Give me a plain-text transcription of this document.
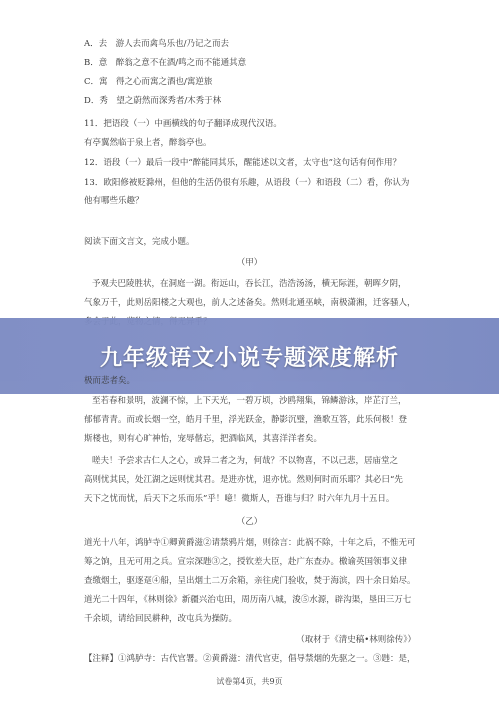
A．去　游人去而禽鸟乐也/乃记之而去
B．意　醉翁之意不在酒/鸣之而不能通其意
C．寓　得之心而寓之酒也/寓逆旅
D．秀　望之蔚然而深秀者/木秀于林
11．把语段（一）中画横线的句子翻译成现代汉语。
有亭翼然临于泉上者，醉翁亭也。
12．语段（一）最后一段中“醉能同其乐，醒能述以文者，太守也”这句话有何作用？
13．欧阳修被贬滁州，但他的生活仍很有乐趣，从语段（一）和语段（二）看，你认为
他有哪些乐趣？
阅读下面文言文，完成小题。
（甲）
予观夫巴陵胜状，在洞庭一湖。衔远山，吞长江，浩浩汤汤，横无际涯，朝晖夕阴，
气象万千，此则岳阳楼之大观也，前人之述备矣。然则北通巫峡，南极潇湘，迁客骚人，
九年级语文小说专题深度解析
极而悲者矣。
至若春和景明，波澜不惊，上下天光，一碧万顷，沙鸥翔集，锦鳞游泳，岸芷汀兰，
郁郁青青。而或长烟一空，皓月千里，浮光跃金，静影沉璧，渔歌互答，此乐何极！登
斯楼也，则有心旷神怡，宠辱偕忘，把酒临风，其喜洋洋者矣。
嗟夫！予尝求古仁人之心，或异二者之为，何哉？不以物喜，不以己悲，居庙堂之
高则忧其民，处江湖之远则忧其君。是进亦忧，退亦忧。然则何时而乐耶？其必曰“先
天下之忧而忧，后天下之乐而乐”乎！噫！微斯人，吾谁与归？时六年九月十五日。
（乙）
道光十八年，鸿胪寺①卿黄爵滋②请禁鸦片烟，则徐言：此祸不除，十年之后，不惟无可
筹之饷，且无可用之兵。宣宗深韪③之，授钦差大臣，赴广东查办。檄谕英国领事义律
查缴烟土，驱逐趸④船，呈出烟土二万余箱，亲往虎门验收，焚于海滨，四十余日始尽。
道光二十四年，《林则徐》新疆兴治屯田，周历南八城，浚⑤水源，辟沟渠，垦田三万七
千余顷，请给回民耕种，改屯兵为操防。
（取材于《清史稿•林则徐传》）
【注释】①鸿胪寺：古代官署。②黄爵滋：清代官吏，倡导禁烟的先驱之一。③韪：是，
试卷第4页，共9页
